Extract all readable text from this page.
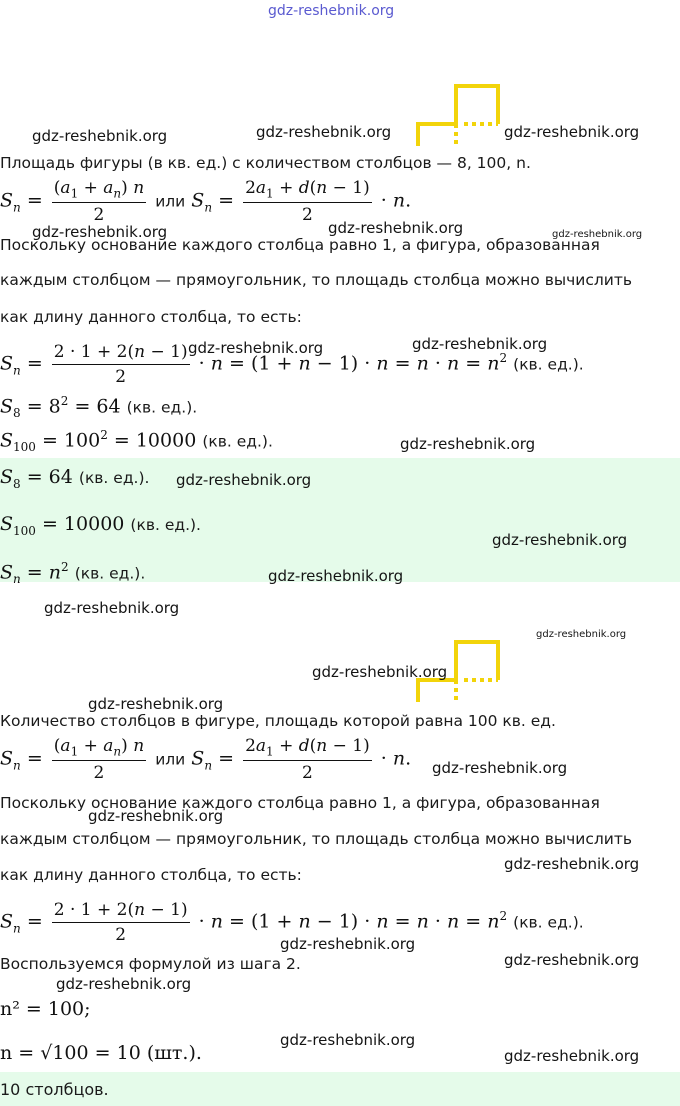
gdz-reshebnik.org
Площадь фигуры (в кв. ед.) с количеством столбцов — 8, 100, n.
$S_n = \frac{(a_1 + a_n) n}{2}$ или $S_n = \frac{2a_1 + d(n - 1)}{2} \cdot n$.
Поскольку основание каждого столбца равно 1, а фигура, образованная
каждым столбцом — прямоугольник, то площадь столбца можно вычислить
как длину данного столбца, то есть:
$S_n = \frac{2 \cdot 1 + 2(n - 1)}{2} \cdot n = (1 + n - 1) \cdot n = n \cdot n = n^2$ (кв. ед.).
$S_8 = 8^2 = 64$ (кв. ед.).
$S_{100} = 100^2 = 10000$ (кв. ед.).
$S_8 = 64$ (кв. ед.).
$S_{100} = 10000$ (кв. ед.).
$S_n = n^2$ (кв. ед.).
Количество столбцов в фигуре, площадь которой равна 100 кв. ед.
$S_n = \frac{(a_1 + a_n) n}{2}$ или $S_n = \frac{2a_1 + d(n - 1)}{2} \cdot n$.
Поскольку основание каждого столбца равно 1, а фигура, образованная
каждым столбцом — прямоугольник, то площадь столбца можно вычислить
как длину данного столбца, то есть:
$S_n = \frac{2 \cdot 1 + 2(n - 1)}{2} \cdot n = (1 + n - 1) \cdot n = n \cdot n = n^2$ (кв. ед.).
Воспользуемся формулой из шага 2.
n² = 100;
n = √100 = 10 (шт.).
10 столбцов.
gdz-reshebnik.org	gdz-reshebnik.org	gdz-reshebnik.org
gdz-reshebnik.org	gdz-reshebnik.org	gdz-reshebnik.org
gdz-reshebnik.org	gdz-reshebnik.org
gdz-reshebnik.org
gdz-reshebnik.org
gdz-reshebnik.org
gdz-reshebnik.org
gdz-reshebnik.org
gdz-reshebnik.org
gdz-reshebnik.org
gdz-reshebnik.org
gdz-reshebnik.org
gdz-reshebnik.org
gdz-reshebnik.org
gdz-reshebnik.org
gdz-reshebnik.org
gdz-reshebnik.org
gdz-reshebnik.org
gdz-reshebnik.org
